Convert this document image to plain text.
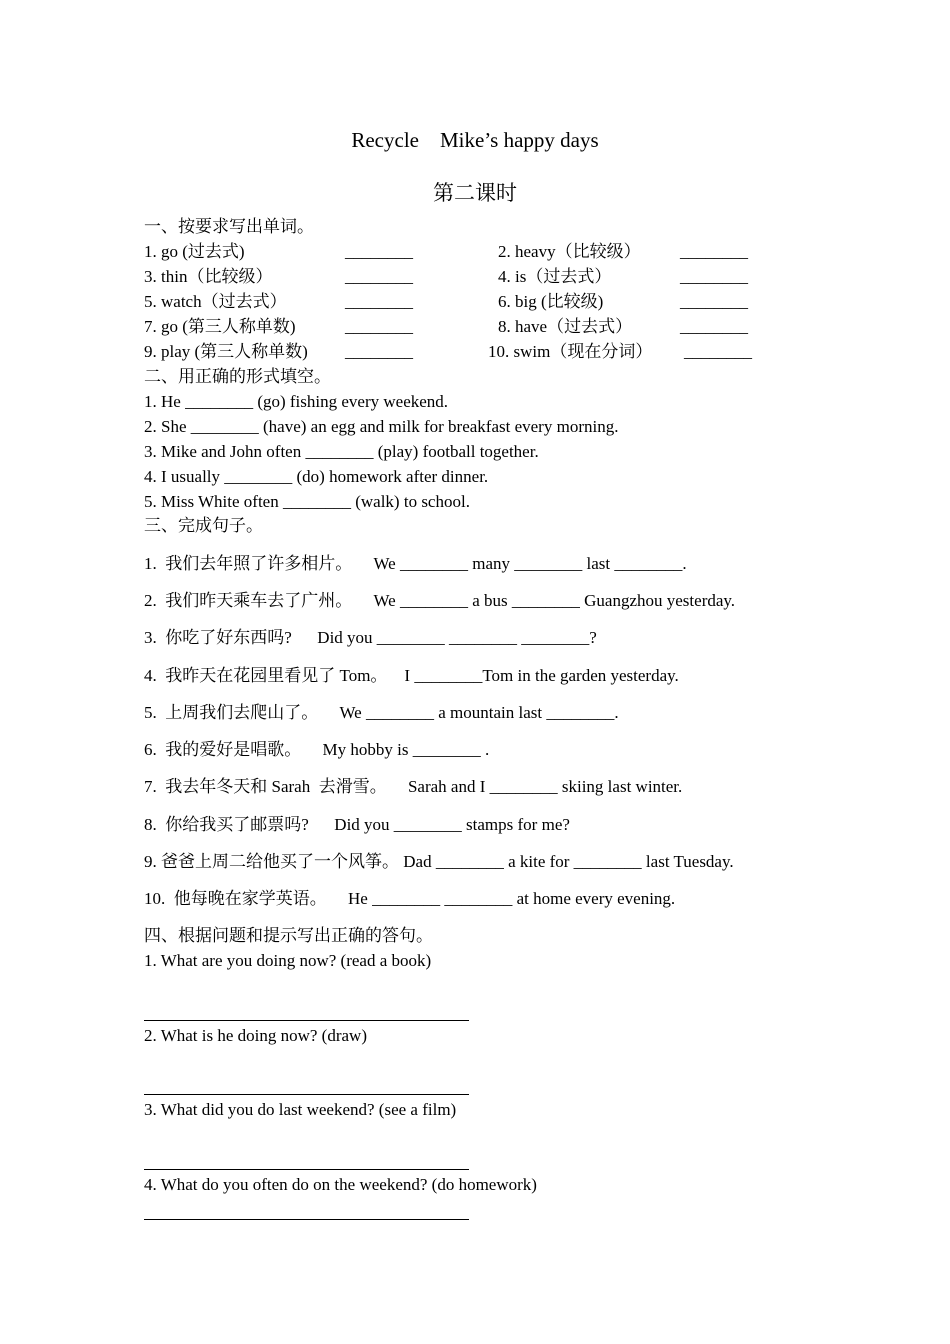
Recycle    Mike’s happy days
第二课时
一、按要求写出单词。
1. go (过去式)	________	2. heavy（比较级） ________
3. thin（比较级）	________	4. is（过去式）	________
5. watch（过去式）	________	6. big (比较级)	________
7. go (第三人称单数)	________	8. have（过去式）	________
9. play (第三人称单数) ________	10. swim（现在分词） ________
二、用正确的形式填空。
1. He ________ (go) fishing every weekend.
2. She ________ (have) an egg and milk for breakfast every morning.
3. Mike and John often ________ (play) football together.
4. I usually ________ (do) homework after dinner.
5. Miss White often ________ (walk) to school.
三、完成句子。
1.  我们去年照了许多相片。     We ________ many ________ last ________.
2.  我们昨天乘车去了广州。     We ________ a bus ________ Guangzhou yesterday.
3.  你吃了好东西吗?      Did you ________ ________ ________?
4.  我昨天在花园里看见了 Tom。    I ________Tom in the garden yesterday.
5.  上周我们去爬山了。     We ________ a mountain last ________.
6.  我的爱好是唱歌。     My hobby is ________ .
7.  我去年冬天和 Sarah  去滑雪。     Sarah and I ________ skiing last winter.
8.  你给我买了邮票吗?      Did you ________ stamps for me?
9. 爸爸上周二给他买了一个风筝。 Dad ________ a kite for ________ last Tuesday.
10.  他每晚在家学英语。     He ________ ________ at home every evening.
四、根据问题和提示写出正确的答句。
1. What are you doing now? (read a book)
2. What is he doing now? (draw)
3. What did you do last weekend? (see a film)
4. What do you often do on the weekend? (do homework)
